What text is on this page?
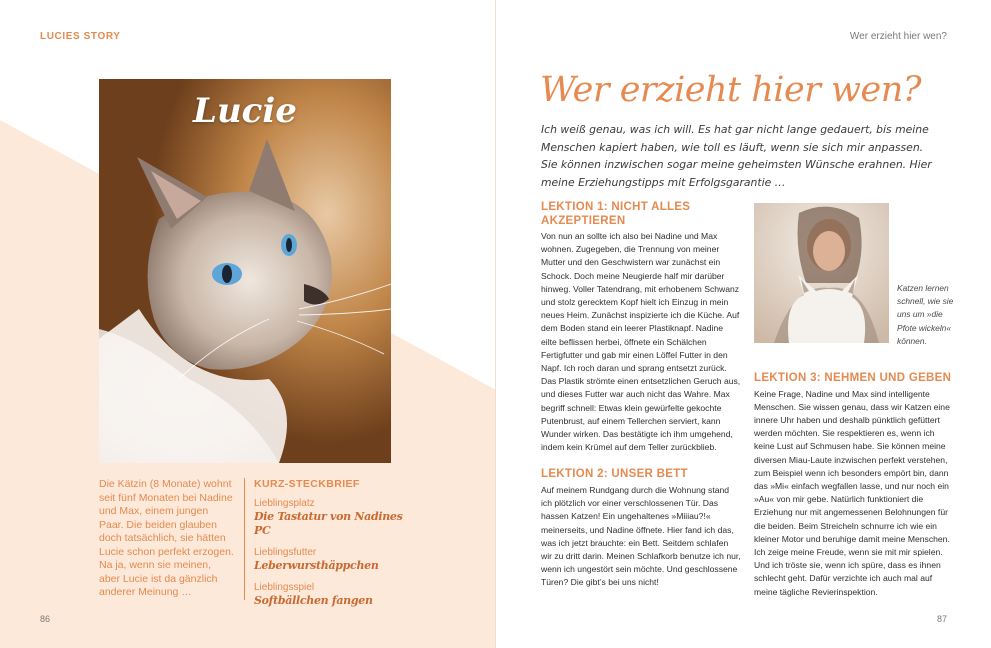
LUCIES STORY	Wer erzieht hier wen?
Lucie
Die Kätzin (8 Monate) wohnt seit fünf Monaten bei Nadine und Max, einem jungen Paar. Die beiden glauben doch tatsächlich, sie hätten Lucie schon perfekt erzogen. Na ja, wenn sie meinen, aber Lucie ist da gänzlich anderer Meinung …
KURZ-STECKBRIEF
Lieblingsplatz
Die Tastatur von Nadines PC
Lieblingsfutter
Leberwursthäppchen
Lieblingsspiel
Softbällchen fangen
86
Wer erzieht hier wen?
Ich weiß genau, was ich will. Es hat gar nicht lange gedauert, bis meine Menschen kapiert haben, wie toll es läuft, wenn sie sich mir anpassen. Sie können inzwischen sogar meine geheimsten Wünsche erahnen. Hier meine Erziehungstipps mit Erfolgsgarantie …
LEKTION 1: NICHT ALLES AKZEPTIEREN
Von nun an sollte ich also bei Nadine und Max wohnen. Zugegeben, die Trennung von meiner Mutter und den Geschwistern war zunächst ein Schock. Doch meine Neugierde half mir darüber hinweg. Voller Tatendrang, mit erhobenem Schwanz und stolz gerecktem Kopf hielt ich Einzug in mein neues Heim. Zunächst inspizierte ich die Küche. Auf dem Boden stand ein leerer Plastiknapf. Nadine eilte beflissen herbei, öffnete ein Schälchen Fertigfutter und gab mir einen Löffel Futter in den Napf. Ich roch daran und sprang entsetzt zurück. Das Plastik strömte einen entsetzlichen Geruch aus, und dieses Futter war auch nicht das Wahre. Max begriff schnell: Etwas klein gewürfelte gekochte Putenbrust, auf einem Tellerchen serviert, kann Wunder wirken. Das bestätigte ich ihm umgehend, indem kein Krümel auf dem Teller zurückblieb.
LEKTION 2: UNSER BETT
Auf meinem Rundgang durch die Wohnung stand ich plötzlich vor einer verschlossenen Tür. Das hassen Katzen! Ein ungehaltenes »Miiiau?!« meinerseits, und Nadine öffnete. Hier fand ich das, was ich jetzt brauchte: ein Bett. Seitdem schlafen wir zu dritt darin. Meinen Schlafkorb benutze ich nur, wenn ich ungestört sein möchte. Und geschlossene Türen? Die gibt’s bei uns nicht!
Katzen lernen schnell, wie sie uns um »die Pfote wickeln« können.
LEKTION 3: NEHMEN UND GEBEN
Keine Frage, Nadine und Max sind intelligente Menschen. Sie wissen genau, dass wir Katzen eine innere Uhr haben und deshalb pünktlich gefüttert werden möchten. Sie respektieren es, wenn ich keine Lust auf Schmusen habe. Sie können meine diversen Miau-Laute inzwischen perfekt verstehen, zum Beispiel wenn ich besonders empört bin, dann das »Mi« einfach wegfallen lasse, und nur noch ein »Au« von mir gebe. Natürlich funktioniert die Erziehung nur mit angemessenen Belohnungen für die beiden. Beim Streicheln schnurre ich wie ein kleiner Motor und beruhige damit meine Menschen. Ich zeige meine Freude, wenn sie mit mir spielen. Und ich tröste sie, wenn ich spüre, dass es ihnen schlecht geht. Dafür verzichte ich auch mal auf meine tägliche Revierinspektion.
87
